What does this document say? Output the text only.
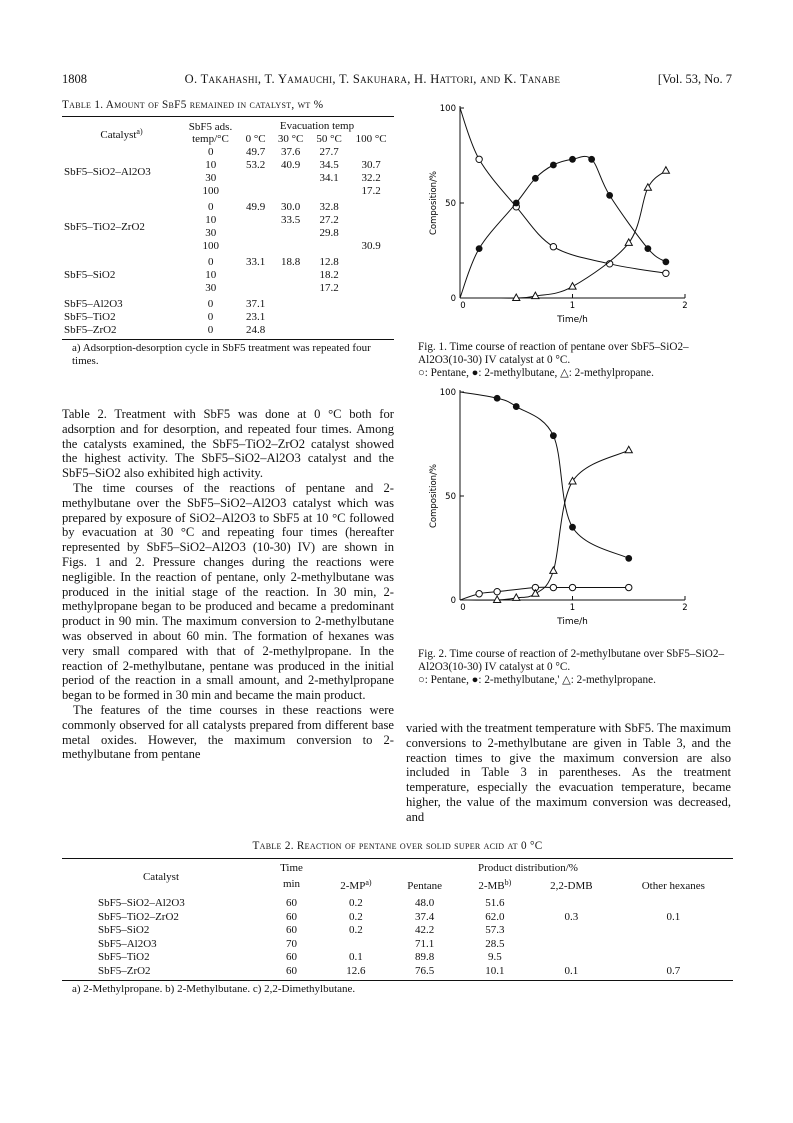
1808	O. Takahashi, T. Yamauchi, T. Sakuhara, H. Hattori, and K. Tanabe	[Vol. 53, No. 7
Table 1. Amount of SbF5 remained in catalyst, wt %
Catalyst$^{a)}$	SbF5 ads. temp/°C	Evacuation temp			
		0 °C	30 °C	50 °C	100 °C
SbF5–SiO2–Al2O3	0	49.7	37.6	27.7	
	10	53.2	40.9	34.5	30.7
	30			34.1	32.2
	100				17.2
SbF5–TiO2–ZrO2	0	49.9	30.0	32.8	
	10		33.5	27.2	
	30			29.8	
	100				30.9
SbF5–SiO2	0	33.1	18.8	12.8	
	10			18.2	
	30			17.2	
SbF5–Al2O3	0	37.1			
SbF5–TiO2	0	23.1			
SbF5–ZrO2	0	24.8			
a) Adsorption-desorption cycle in SbF5 treatment was repeated four times.

Table 2. Treatment with SbF5 was done at 0 °C both for adsorption and for desorption, and repeated four times. Among the catalysts examined, the SbF5–TiO2–ZrO2 catalyst showed the highest activity. The SbF5–SiO2–Al2O3 catalyst and the SbF5–SiO2 also exhibited high activity.

The time courses of the reactions of pentane and 2-methylbutane over the SbF5–SiO2–Al2O3 catalyst which was prepared by exposure of SiO2–Al2O3 to SbF5 at 10 °C followed by evacuation at 30 °C and repeating four times (hereafter represented by SbF5–SiO2–Al2O3 (10-30) IV) are shown in Figs. 1 and 2. Pressure changes during the reactions were negligible. In the reaction of pentane, only 2-methylbutane was produced in the initial stage of the reaction. In 30 min, 2-methylpropane began to be produced and became a predominant product in 90 min. The maximum conversion to 2-methylbutane was observed in about 60 min. The formation of hexanes was very small compared with that of 2-methylpropane. In the reaction of 2-methylbutane, pentane was produced in the initial period of the reaction in a small amount, and 2-methylpropane began to be formed in 30 min and became the main product.

The features of the time courses in these reactions were commonly observed for all catalysts prepared from different base metal oxides. However, the maximum conversion to 2-methylbutane from pentane

0
50
100
0	1	2
Composition/%
Time/h
Fig. 1. Time course of reaction of pentane over SbF5–SiO2–Al2O3(10-30) IV catalyst at 0 °C.
○: Pentane, ●: 2-methylbutane, △: 2-methylpropane.
0
50
100
0	1	2
Composition/%
Time/h
Fig. 2. Time course of reaction of 2-methylbutane over SbF5–SiO2–Al2O3(10-30) IV catalyst at 0 °C.
○: Pentane, ●: 2-methylbutane,' △: 2-methylpropane.

varied with the treatment temperature with SbF5. The maximum conversions to 2-methylbutane are given in Table 3, and the reaction times to give the maximum conversion are also included in Table 3 in parentheses. As the treatment temperature, especially the evacuation temperature, became higher, the value of the maximum conversion was decreased, and

Table 2. Reaction of pentane over solid super acid at 0 °C
Catalyst	Time	Product distribution/%				
	min	2-MP$^{a)}$	Pentane	2-MB$^{b)}$	2,2-DMB	Other hexanes
SbF5–SiO2–Al2O3	60	0.2	48.0	51.6		
SbF5–TiO2–ZrO2	60	0.2	37.4	62.0	0.3	0.1
SbF5–SiO2	60	0.2	42.2	57.3		
SbF5–Al2O3	70		71.1	28.5		
SbF5–TiO2	60	0.1	89.8	9.5		
SbF5–ZrO2	60	12.6	76.5	10.1	0.1	0.7
a) 2-Methylpropane. b) 2-Methylbutane. c) 2,2-Dimethylbutane.
